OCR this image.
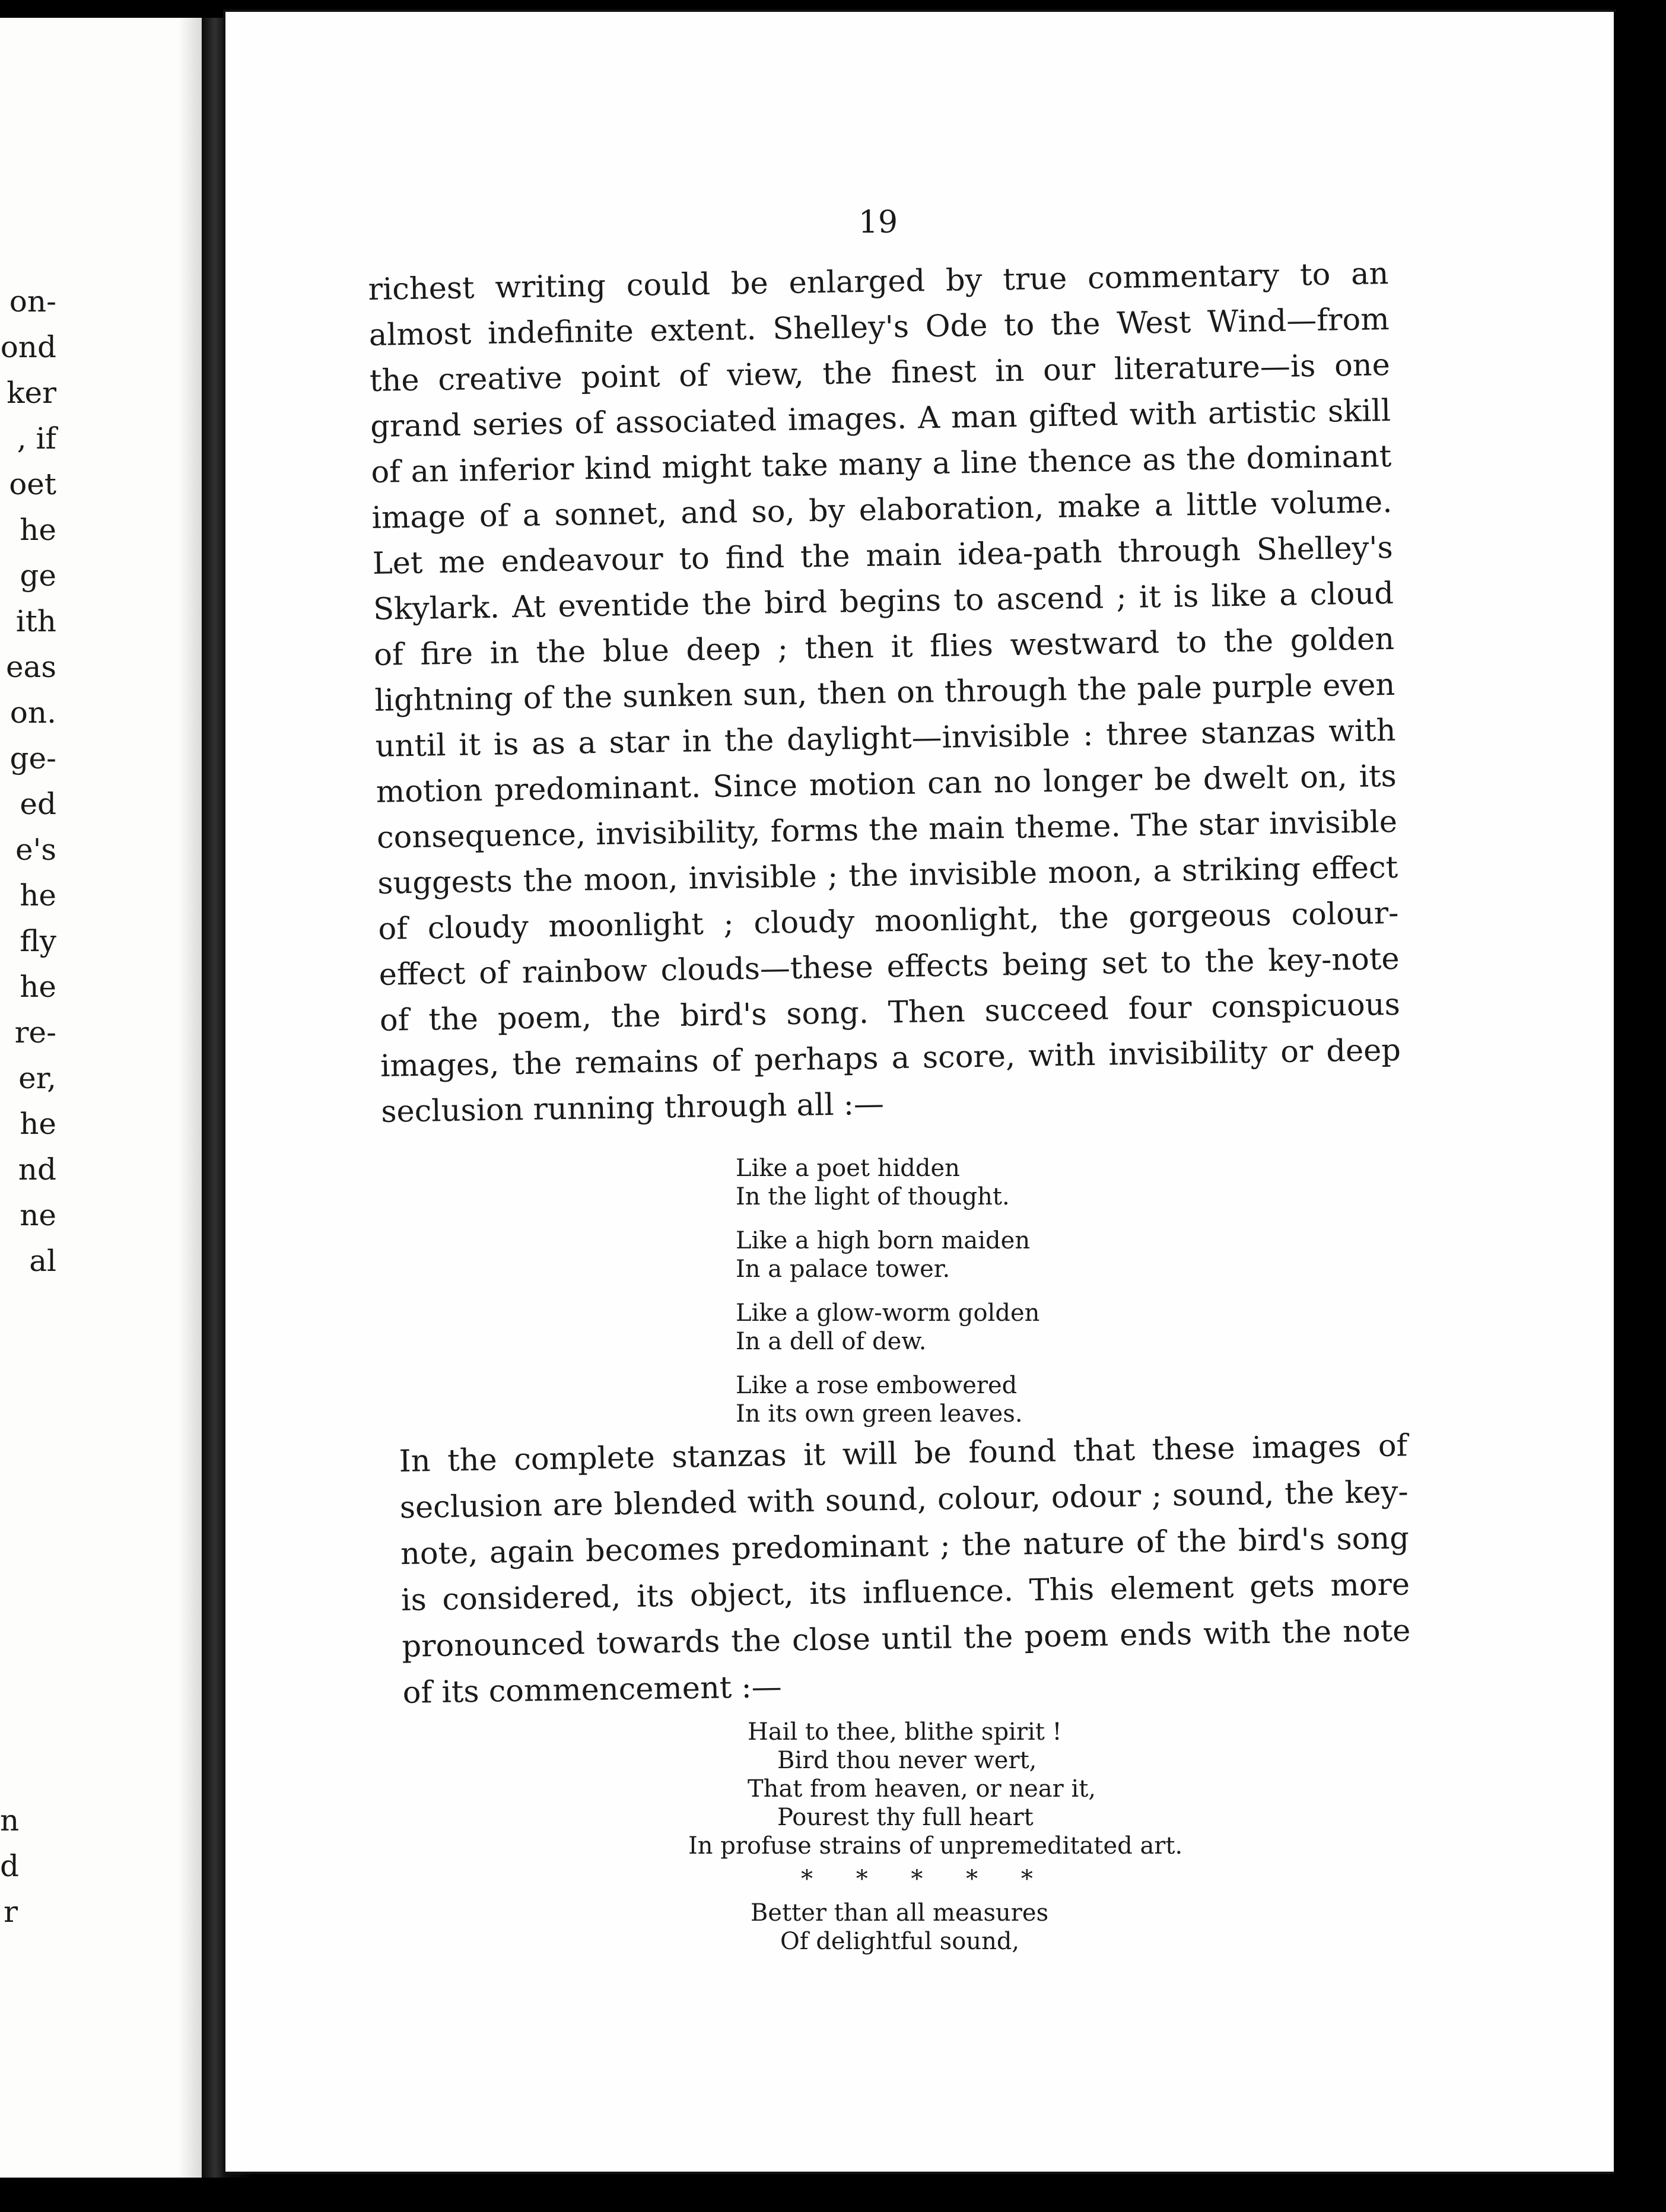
on-
ond
ker
, if
oet
he
ge
ith
eas
on.
ge-
ed
e's
he
fly
he
re-
er,
he
nd
ne
al
n
d
r
19
richest writing could be enlarged by true commentary to an almost indefinite extent. Shelley's Ode to the West Wind—from the creative point of view, the finest in our literature—is one grand series of associated images. A man gifted with artistic skill of an inferior kind might take many a line thence as the dominant image of a sonnet, and so, by elaboration, make a little volume. Let me endeavour to find the main idea-path through Shelley's Skylark. At eventide the bird begins to ascend ; it is like a cloud of fire in the blue deep ; then it flies westward to the golden lightning of the sunken sun, then on through the pale purple even until it is as a star in the daylight—invisible : three stanzas with motion predominant. Since motion can no longer be dwelt on, its consequence, invisibility, forms the main theme. The star invisible suggests the moon, invisible ; the invisible moon, a striking effect of cloudy moonlight ; cloudy moonlight, the gorgeous colour-effect of rainbow clouds—these effects being set to the key-note of the poem, the bird's song. Then succeed four conspicuous images, the remains of perhaps a score, with invisibility or deep seclusion running through all :—
Like a poet hidden
In the light of thought.
Like a high born maiden
In a palace tower.
Like a glow-worm golden
In a dell of dew.
Like a rose embowered
In its own green leaves.
In the complete stanzas it will be found that these images of seclusion are blended with sound, colour, odour ; sound, the key-note, again becomes predominant ; the nature of the bird's song is considered, its object, its influence. This element gets more pronounced towards the close until the poem ends with the note of its commencement :—
Hail to thee, blithe spirit !
Bird thou never wert,
That from heaven, or near it,
Pourest thy full heart
In profuse strains of unpremeditated art.
* * * * *
Better than all measures
Of delightful sound,
